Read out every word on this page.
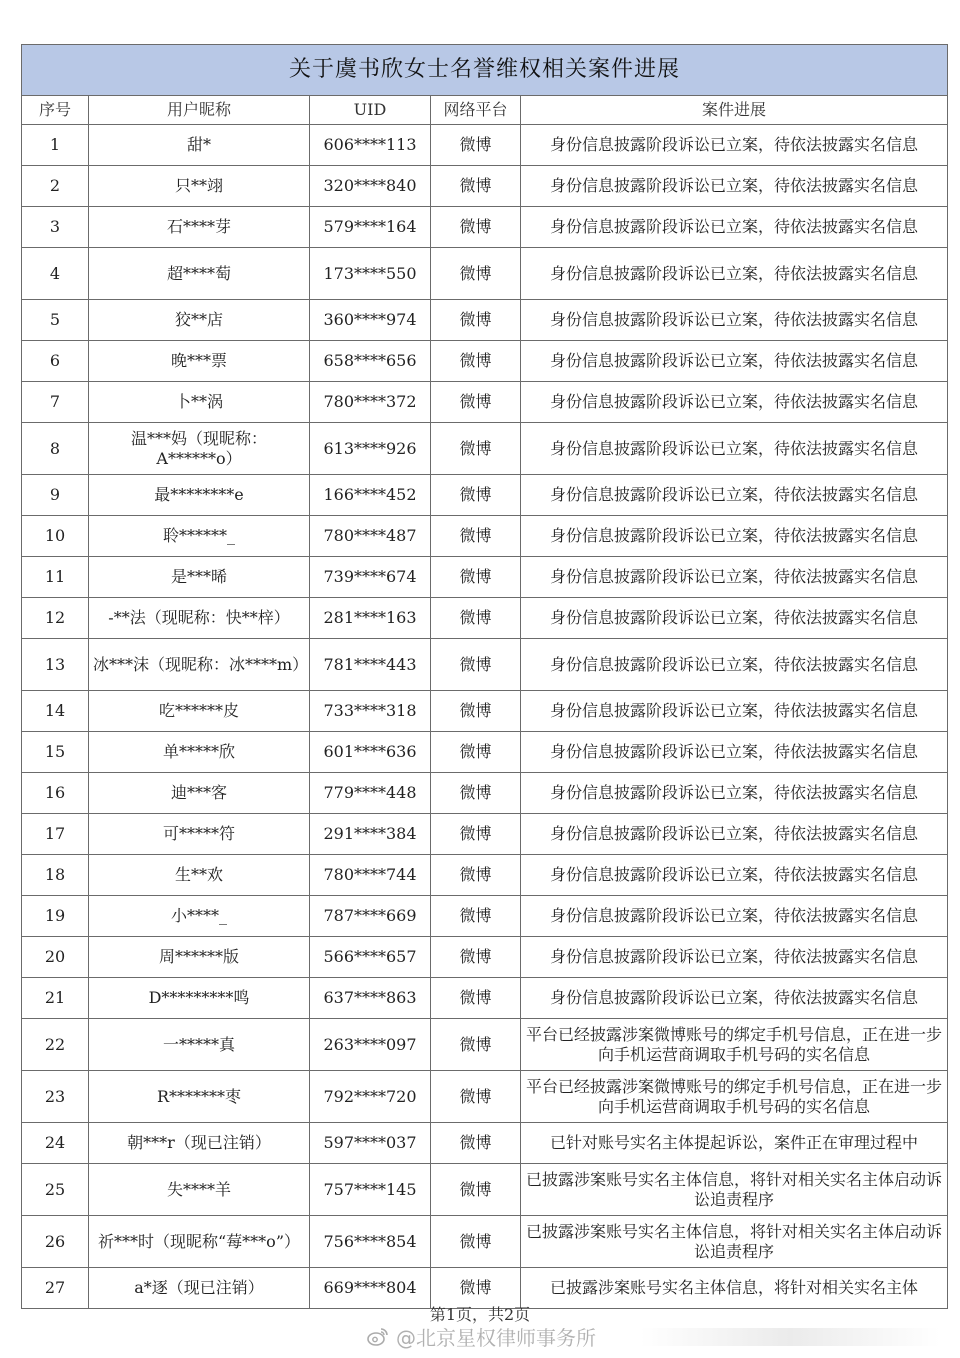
关于虞书欣女士名誉维权相关案件进展				
序号	用户昵称	UID	网络平台	案件进展
1	甜*	606****113	微博	身份信息披露阶段诉讼已立案，待依法披露实名信息
2	只**翊	320****840	微博	身份信息披露阶段诉讼已立案，待依法披露实名信息
3	石****芽	579****164	微博	身份信息披露阶段诉讼已立案，待依法披露实名信息
4	超****萄	173****550	微博	身份信息披露阶段诉讼已立案，待依法披露实名信息
5	狡**店	360****974	微博	身份信息披露阶段诉讼已立案，待依法披露实名信息
6	晚***票	658****656	微博	身份信息披露阶段诉讼已立案，待依法披露实名信息
7	卜**涡	780****372	微博	身份信息披露阶段诉讼已立案，待依法披露实名信息
8	温***妈（现昵称：A******o）	613****926	微博	身份信息披露阶段诉讼已立案，待依法披露实名信息
9	最********e	166****452	微博	身份信息披露阶段诉讼已立案，待依法披露实名信息
10	聆******_	780****487	微博	身份信息披露阶段诉讼已立案，待依法披露实名信息
11	是***晞	739****674	微博	身份信息披露阶段诉讼已立案，待依法披露实名信息
12	-**法（现昵称：快**梓）	281****163	微博	身份信息披露阶段诉讼已立案，待依法披露实名信息
13	冰***沫（现昵称：冰****m）	781****443	微博	身份信息披露阶段诉讼已立案，待依法披露实名信息
14	吃******皮	733****318	微博	身份信息披露阶段诉讼已立案，待依法披露实名信息
15	单*****欣	601****636	微博	身份信息披露阶段诉讼已立案，待依法披露实名信息
16	迪***客	779****448	微博	身份信息披露阶段诉讼已立案，待依法披露实名信息
17	可*****符	291****384	微博	身份信息披露阶段诉讼已立案，待依法披露实名信息
18	生**欢	780****744	微博	身份信息披露阶段诉讼已立案，待依法披露实名信息
19	小****_	787****669	微博	身份信息披露阶段诉讼已立案，待依法披露实名信息
20	周******版	566****657	微博	身份信息披露阶段诉讼已立案，待依法披露实名信息
21	D*********鸣	637****863	微博	身份信息披露阶段诉讼已立案，待依法披露实名信息
22	一*****真	263****097	微博	平台已经披露涉案微博账号的绑定手机号信息，正在进一步向手机运营商调取手机号码的实名信息
23	R*******枣	792****720	微博	平台已经披露涉案微博账号的绑定手机号信息，正在进一步向手机运营商调取手机号码的实名信息
24	朝***r（现已注销）	597****037	微博	已针对账号实名主体提起诉讼，案件正在审理过程中
25	失****羊	757****145	微博	已披露涉案账号实名主体信息，将针对相关实名主体启动诉讼追责程序
26	祈***时（现昵称“莓***o”）	756****854	微博	已披露涉案账号实名主体信息，将针对相关实名主体启动诉讼追责程序
27	a*逐（现已注销）	669****804	微博	已披露涉案账号实名主体信息，将针对相关实名主体
第1页，共2页
@北京星权律师事务所
